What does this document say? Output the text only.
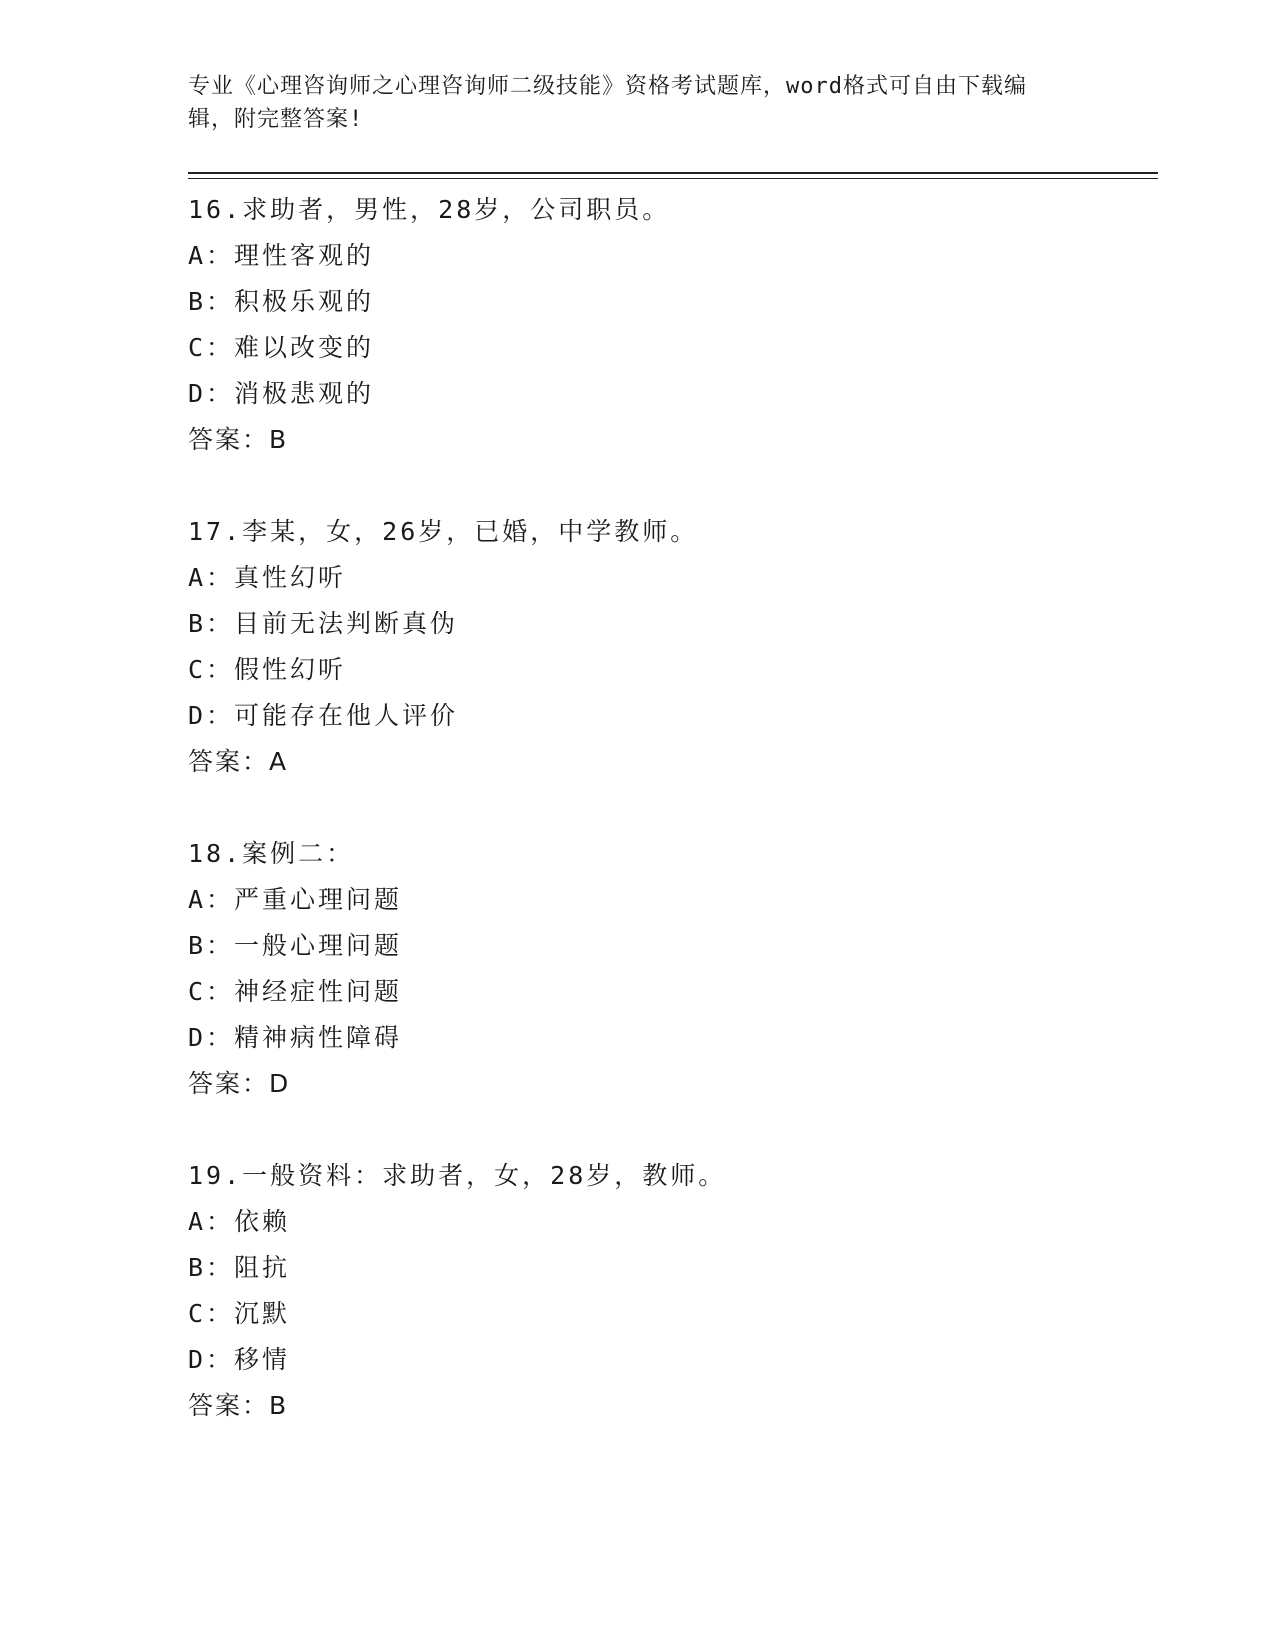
专业《心理咨询师之心理咨询师二级技能》资格考试题库，word格式可自由下载编辑，附完整答案!

16.求助者，男性，28岁，公司职员。
A：理性客观的
B：积极乐观的
C：难以改变的
D：消极悲观的
答案：B
17.李某，女，26岁，已婚，中学教师。
A：真性幻听
B：目前无法判断真伪
C：假性幻听
D：可能存在他人评价
答案：A
18.案例二：
A：严重心理问题
B：一般心理问题
C：神经症性问题
D：精神病性障碍
答案：D
19.一般资料：求助者，女，28岁，教师。
A：依赖
B：阻抗
C：沉默
D：移情
答案：B
